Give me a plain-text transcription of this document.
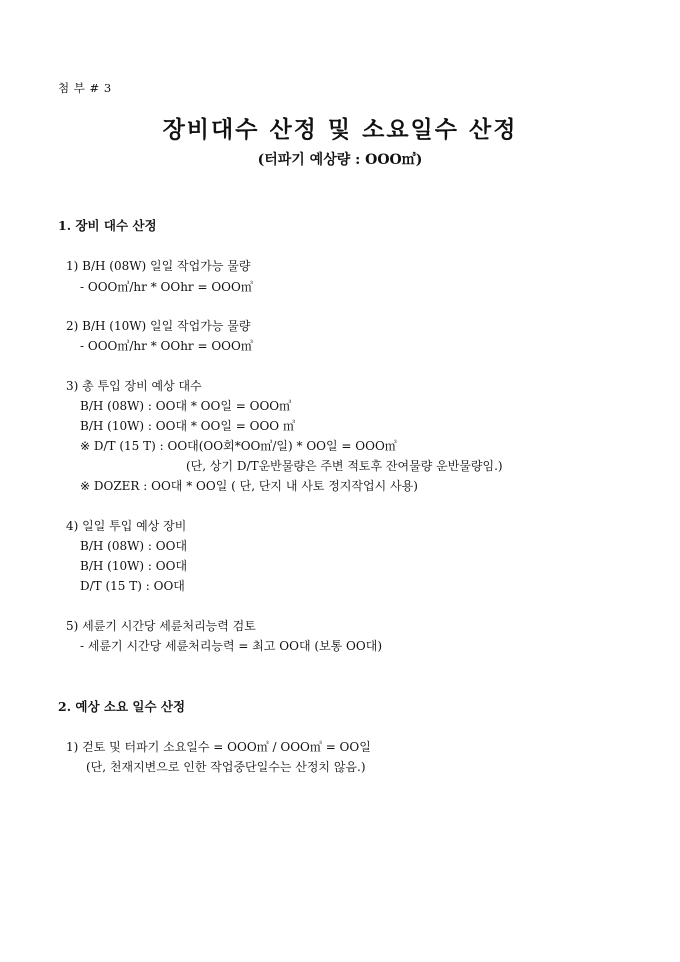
첨 부 # 3
장비대수 산정 및 소요일수 산정
(터파기 예상량 : OOO㎥)
1. 장비 대수 산정
1) B/H (08W) 일일 작업가능 물량
- OOO㎥/hr * OOhr = OOO㎥
2) B/H (10W) 일일 작업가능 물량
- OOO㎥/hr * OOhr = OOO㎥
3) 총 투입 장비 예상 대수
B/H (08W) : OO대 * OO일 = OOO㎥
B/H (10W) : OO대 * OO일 = OOO ㎥
※ D/T (15 T) : OO대(OO회*OO㎥/일) * OO일 = OOO㎥
(단, 상기 D/T운반물량은 주변 적토후 잔여물량 운반물량임.)
※ DOZER : OO대 * OO일 ( 단, 단지 내 사토 정지작업시 사용)
4) 일일 투입 예상 장비
B/H (08W) : OO대
B/H (10W) : OO대
D/T (15 T) : OO대
5) 세륜기 시간당 세륜처리능력 검토
- 세륜기 시간당 세륜처리능력 = 최고 OO대 (보통 OO대)
2. 예상 소요 일수 산정
1) 걷토 및 터파기 소요일수 = OOO㎥ / OOO㎥ = OO일
(단, 천재지변으로 인한 작업중단일수는 산정치 않음.)
